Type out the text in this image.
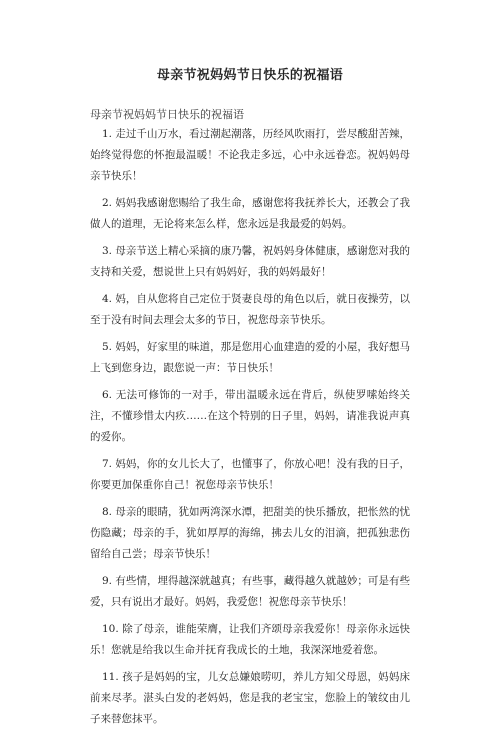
母亲节祝妈妈节日快乐的祝福语
母亲节祝妈妈节日快乐的祝福语

1. 走过千山万水，看过潮起潮落，历经风吹雨打，尝尽酸甜苦辣，始终觉得您的怀抱最温暖！不论我走多远，心中永远眷恋。祝妈妈母亲节快乐！

2. 妈妈我感谢您赐给了我生命，感谢您将我抚养长大，还教会了我做人的道理，无论将来怎么样，您永远是我最爱的妈妈。

3. 母亲节送上精心采摘的康乃馨，祝妈妈身体健康，感谢您对我的支持和关爱，想说世上只有妈妈好，我的妈妈最好！

4. 妈，自从您将自己定位于贤妻良母的角色以后，就日夜操劳，以至于没有时间去理会太多的节日，祝您母亲节快乐。

5. 妈妈，好家里的味道，那是您用心血建造的爱的小屋，我好想马上飞到您身边，跟您说一声：节日快乐！

6. 无法可修饰的一对手，带出温暖永远在背后，纵使罗嗦始终关注，不懂珍惜太内疚……在这个特别的日子里，妈妈，请准我说声真的爱你。

7. 妈妈，你的女儿长大了，也懂事了，你放心吧！没有我的日子，你要更加保重你自己！祝您母亲节快乐！

8. 母亲的眼睛，犹如两湾深水潭，把甜美的快乐播放，把怅然的忧伤隐藏；母亲的手，犹如厚厚的海绵，拂去儿女的泪滴，把孤独悲伤留给自己尝；母亲节快乐！

9. 有些情，埋得越深就越真；有些事，藏得越久就越妙；可是有些爱，只有说出才最好。妈妈，我爱您！祝您母亲节快乐！

10. 除了母亲，谁能荣膺，让我们齐颂母亲我爱你！母亲你永远快乐！您就是给我以生命并抚育我成长的土地，我深深地爱着您。

11. 孩子是妈妈的宝，儿女总嫌娘唠叨，养儿方知父母恩，妈妈床前来尽孝。湛头白发的老妈妈，您是我的老宝宝，您脸上的皱纹由儿子来替您抹平。
